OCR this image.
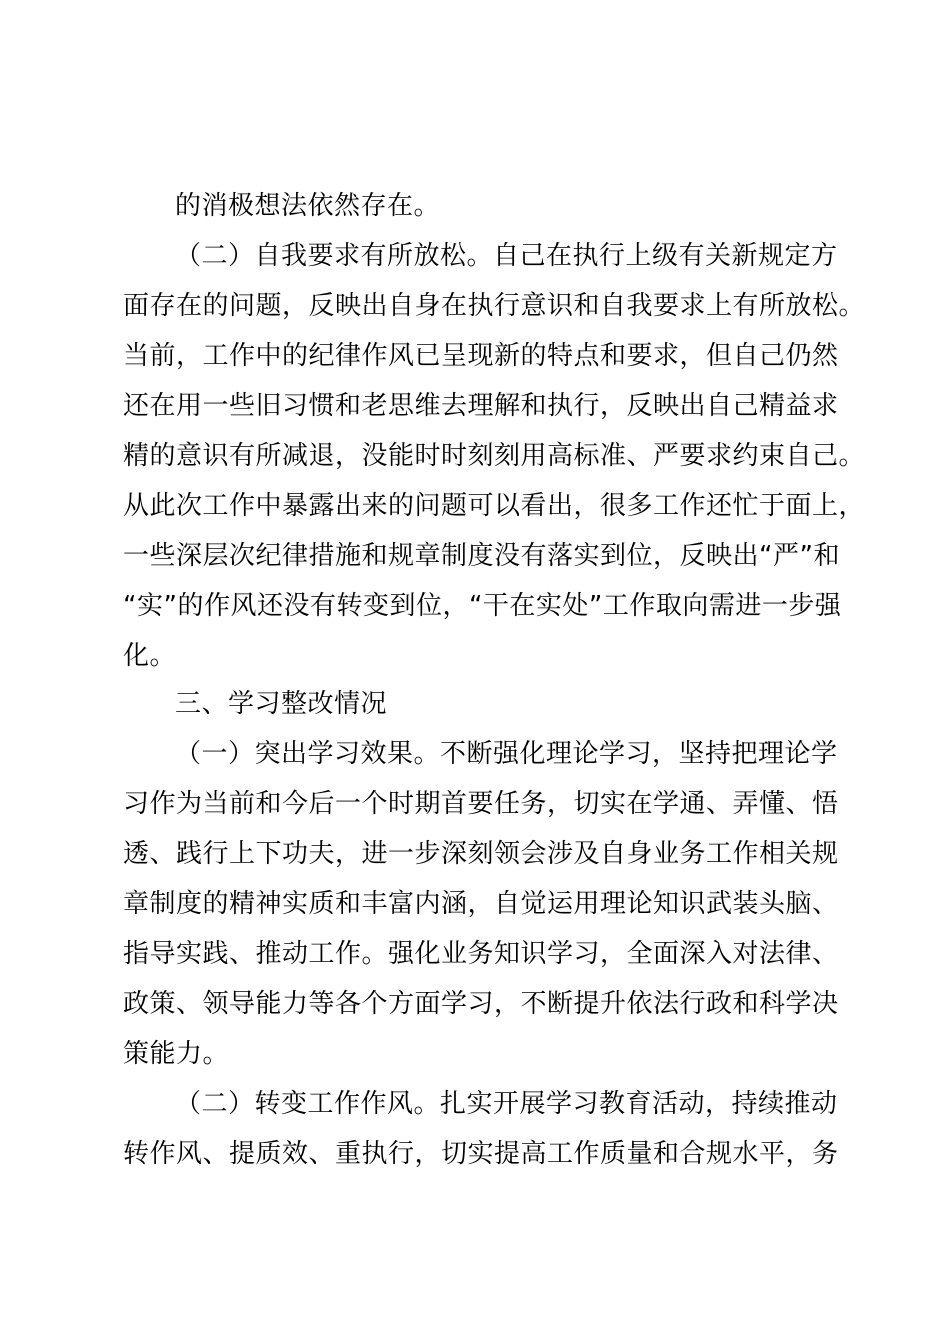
的消极想法依然存在。
（二）自我要求有所放松。自己在执行上级有关新规定方
面存在的问题，反映出自身在执行意识和自我要求上有所放松。
当前，工作中的纪律作风已呈现新的特点和要求，但自己仍然
还在用一些旧习惯和老思维去理解和执行，反映出自己精益求
精的意识有所减退，没能时时刻刻用高标准、严要求约束自己。
从此次工作中暴露出来的问题可以看出，很多工作还忙于面上，
一些深层次纪律措施和规章制度没有落实到位，反映出“严”和
“实”的作风还没有转变到位，“干在实处”工作取向需进一步强
化。
三、学习整改情况
（一）突出学习效果。不断强化理论学习，坚持把理论学
习作为当前和今后一个时期首要任务，切实在学通、弄懂、悟
透、践行上下功夫，进一步深刻领会涉及自身业务工作相关规
章制度的精神实质和丰富内涵，自觉运用理论知识武装头脑、
指导实践、推动工作。强化业务知识学习，全面深入对法律、
政策、领导能力等各个方面学习，不断提升依法行政和科学决
策能力。
（二）转变工作作风。扎实开展学习教育活动，持续推动
转作风、提质效、重执行，切实提高工作质量和合规水平，务
